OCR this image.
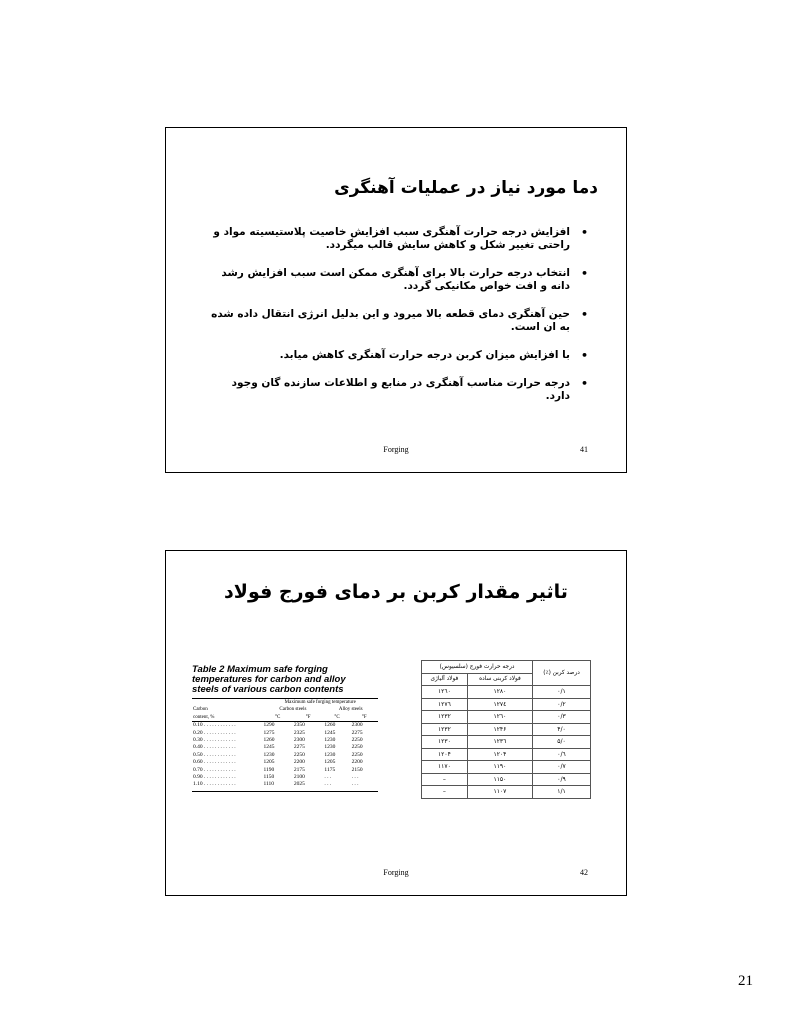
دما مورد نیاز در عملیات آهنگری
•
افزایش درجه حرارت آهنگری سبب افزایش خاصیت پلاستیسیته مواد و راحتی تغییر شکل و کاهش سایش قالب میگردد.
•
انتخاب درجه حرارت بالا برای آهنگری ممکن است سبب افزایش رشد دانه و افت خواص مکانیکی گردد.
•
حین آهنگری دمای قطعه بالا میرود و این بدلیل انرژی انتقال داده شده به ان است.
•
با افزایش میزان کربن درجه حرارت آهنگری کاهش میابد.
•
درجه حرارت مناسب آهنگری در منابع و اطلاعات سازنده گان وجود دارد.
Forging	41
تاثیر مقدار کربن بر دمای فورج فولاد
Table 2 Maximum safe forging
temperatures for carbon and alloy
steels of various carbon contents
	Maximum safe forging temperature			
Carbon	Carbon steels		Alloy steels	
content, %	°C	°F	°C	°F
0.10 . . . . . . . . . . . .	1290	2350	1260	2300
0.20 . . . . . . . . . . . .	1275	2325	1245	2275
0.30 . . . . . . . . . . . .	1260	2300	1230	2250
0.40 . . . . . . . . . . . .	1245	2275	1230	2250
0.50 . . . . . . . . . . . .	1230	2250	1230	2250
0.60 . . . . . . . . . . . .	1205	2200	1205	2200
0.70 . . . . . . . . . . . .	1190	2175	1175	2150
0.90 . . . . . . . . . . . .	1150	2100	. . .	. . .
1.10 . . . . . . . . . . . .	1110	2025	. . .	. . .
درصد کربن (٪)	درجه حرارت فورج (سلسیوس)	
	فولاد کربنی ساده	فولاد آلیاژی
٠/١	١٢٨٠	١٢٦٠
٠/٢	١٢٧٤	١٢٧٦
٠/٣	١٢٦٠	١٢٣٢
٠/۴	١٢۴۶	١٢٣٢
٠/۵	١٢٣٦	١٢٣٠
٠/٦	١٢٠۴	١٢٠۴
٠/٧	١١٩٠	١١٧٠
٠/٩	١١۵٠	–
١/١	١١٠٧	–
Forging	42
21
